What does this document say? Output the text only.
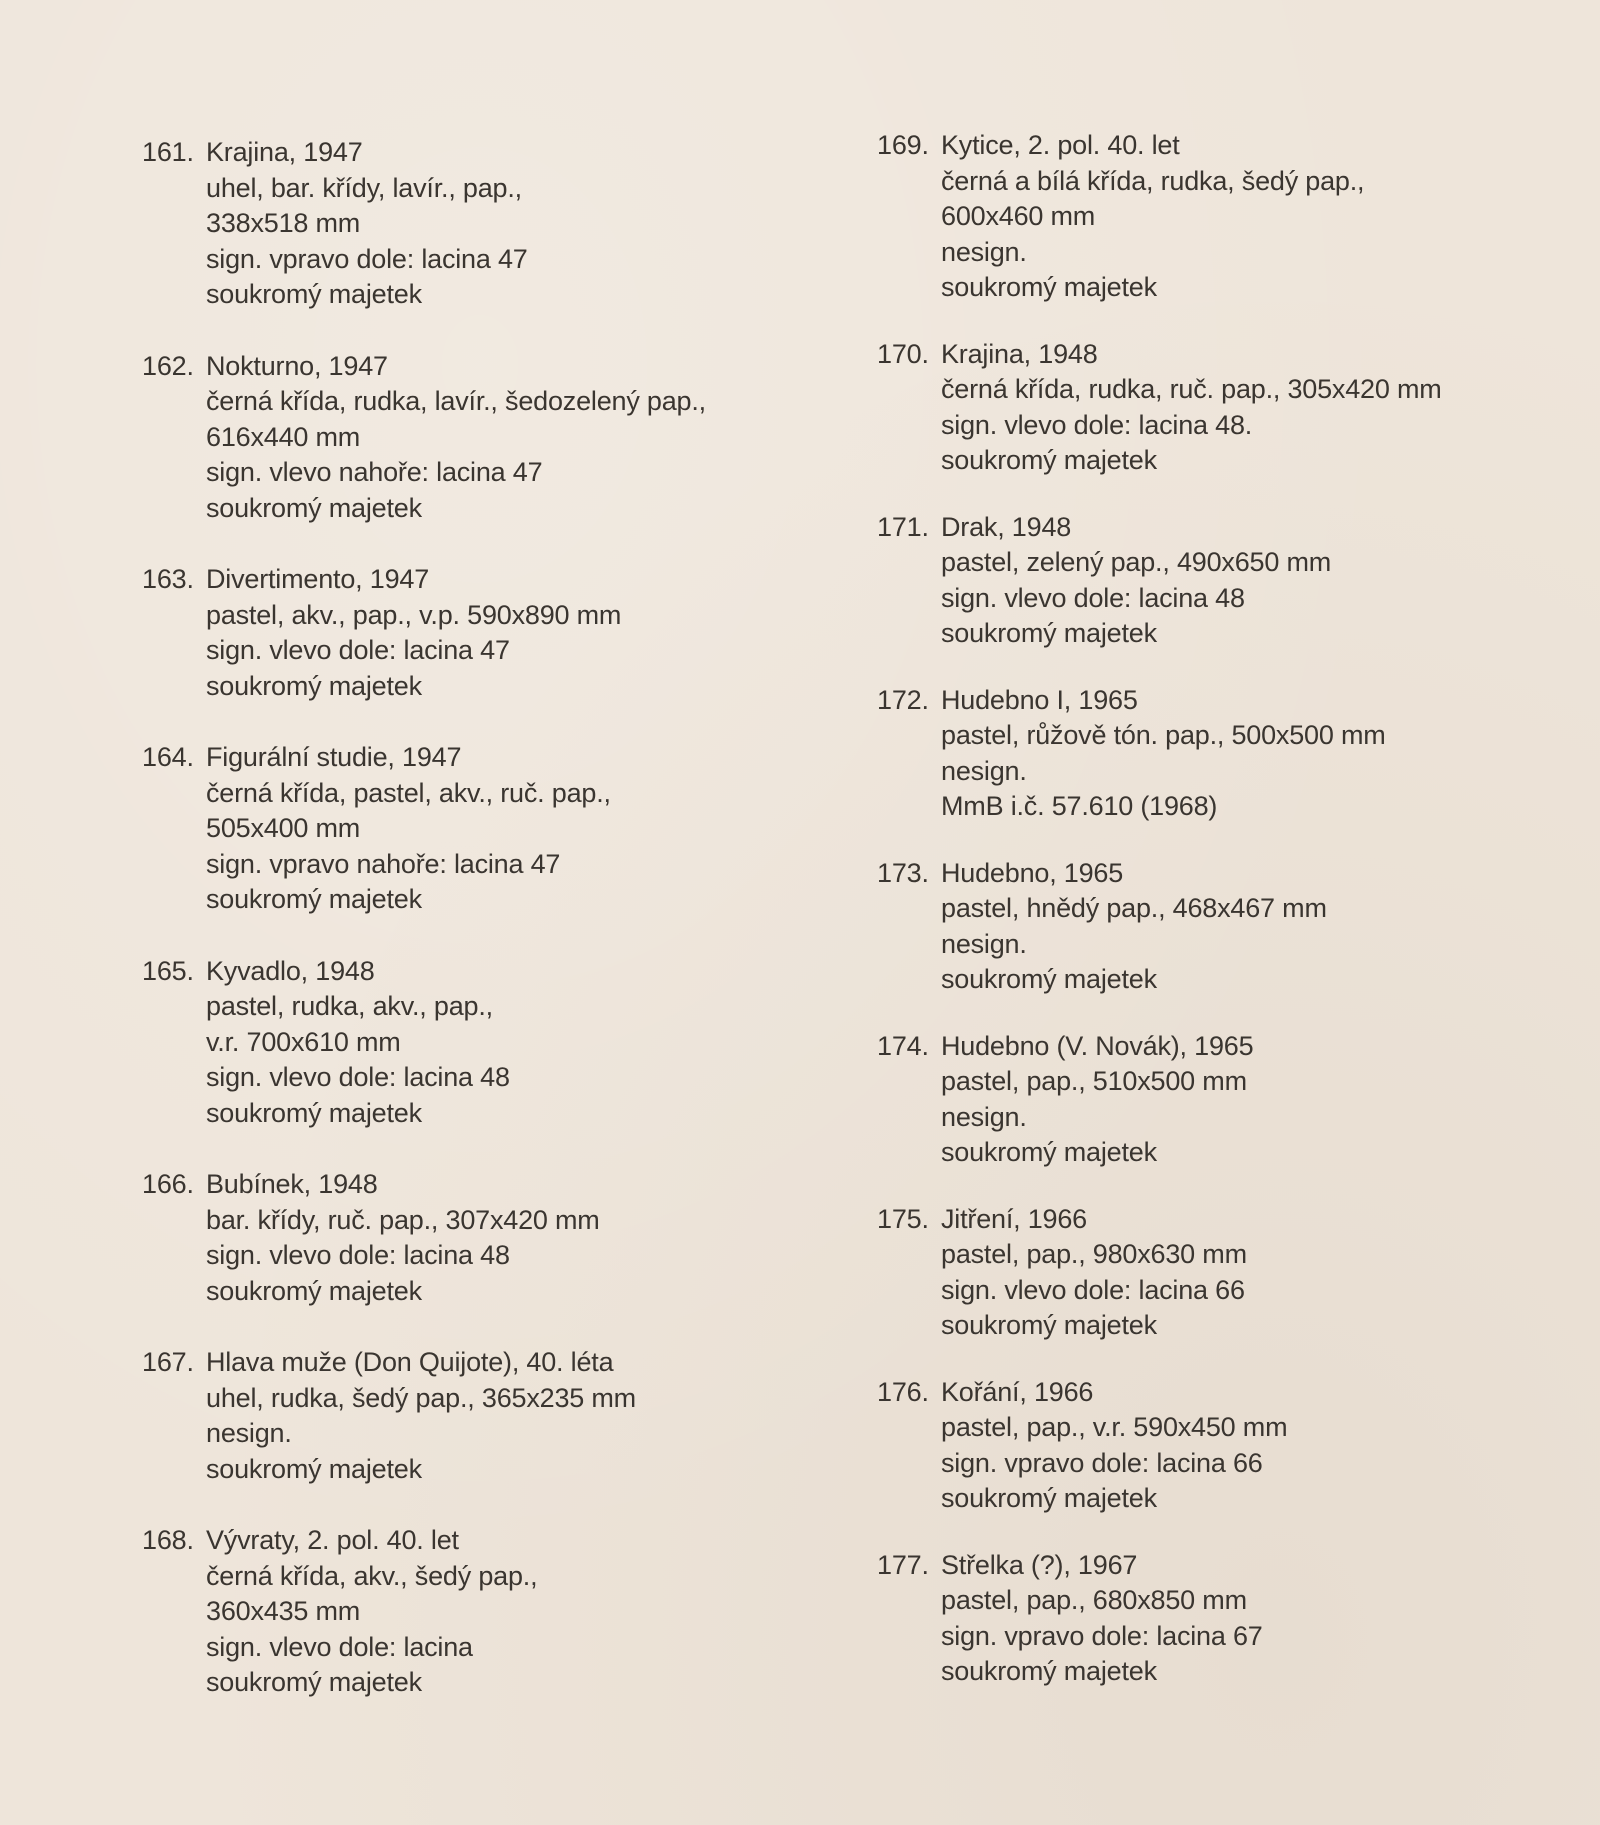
161. Krajina, 1947
uhel, bar. křídy, lavír., pap.,
338x518 mm
sign. vpravo dole: lacina 47
soukromý majetek
162. Nokturno, 1947
černá křída, rudka, lavír., šedozelený pap.,
616x440 mm
sign. vlevo nahoře: lacina 47
soukromý majetek
163. Divertimento, 1947
pastel, akv., pap., v.p. 590x890 mm
sign. vlevo dole: lacina 47
soukromý majetek
164. Figurální studie, 1947
černá křída, pastel, akv., ruč. pap.,
505x400 mm
sign. vpravo nahoře: lacina 47
soukromý majetek
165. Kyvadlo, 1948
pastel, rudka, akv., pap.,
v.r. 700x610 mm
sign. vlevo dole: lacina 48
soukromý majetek
166. Bubínek, 1948
bar. křídy, ruč. pap., 307x420 mm
sign. vlevo dole: lacina 48
soukromý majetek
167. Hlava muže (Don Quijote), 40. léta
uhel, rudka, šedý pap., 365x235 mm
nesign.
soukromý majetek
168. Vývraty, 2. pol. 40. let
černá křída, akv., šedý pap.,
360x435 mm
sign. vlevo dole: lacina
soukromý majetek
169. Kytice, 2. pol. 40. let
černá a bílá křída, rudka, šedý pap.,
600x460 mm
nesign.
soukromý majetek
170. Krajina, 1948
černá křída, rudka, ruč. pap., 305x420 mm
sign. vlevo dole: lacina 48.
soukromý majetek
171. Drak, 1948
pastel, zelený pap., 490x650 mm
sign. vlevo dole: lacina 48
soukromý majetek
172. Hudebno I, 1965
pastel, růžově tón. pap., 500x500 mm
nesign.
MmB i.č. 57.610 (1968)
173. Hudebno, 1965
pastel, hnědý pap., 468x467 mm
nesign.
soukromý majetek
174. Hudebno (V. Novák), 1965
pastel, pap., 510x500 mm
nesign.
soukromý majetek
175. Jitření, 1966
pastel, pap., 980x630 mm
sign. vlevo dole: lacina 66
soukromý majetek
176. Kořání, 1966
pastel, pap., v.r. 590x450 mm
sign. vpravo dole: lacina 66
soukromý majetek
177. Střelka (?), 1967
pastel, pap., 680x850 mm
sign. vpravo dole: lacina 67
soukromý majetek
